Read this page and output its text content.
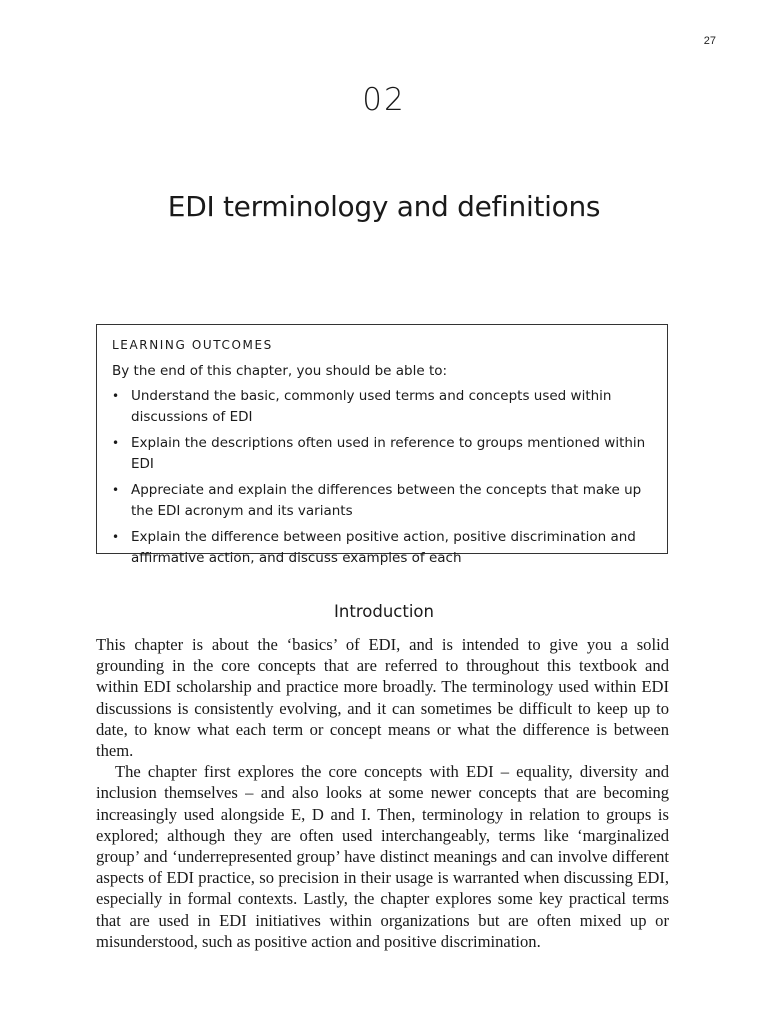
27
02
EDI terminology and definitions
LEARNING OUTCOMES
By the end of this chapter, you should be able to:
• Understand the basic, commonly used terms and concepts used within discussions of EDI
• Explain the descriptions often used in reference to groups mentioned within EDI
• Appreciate and explain the differences between the concepts that make up the EDI acronym and its variants
• Explain the difference between positive action, positive discrimination and affirmative action, and discuss examples of each
Introduction

This chapter is about the ‘basics’ of EDI, and is intended to give you a solid grounding in the core concepts that are referred to throughout this textbook and within EDI scholarship and practice more broadly. The terminology used within EDI discussions is consistently evolving, and it can sometimes be difficult to keep up to date, to know what each term or concept means or what the difference is between them.

The chapter first explores the core concepts with EDI – equality, diversity and inclusion themselves – and also looks at some newer concepts that are becoming increasingly used alongside E, D and I. Then, terminology in relation to groups is explored; although they are often used interchangeably, terms like ‘marginalized group’ and ‘underrepresented group’ have distinct meanings and can involve different aspects of EDI practice, so precision in their usage is warranted when discussing EDI, especially in formal contexts. Lastly, the chapter explores some key practical terms that are used in EDI initiatives within organizations but are often mixed up or misunderstood, such as positive action and positive discrimination.
